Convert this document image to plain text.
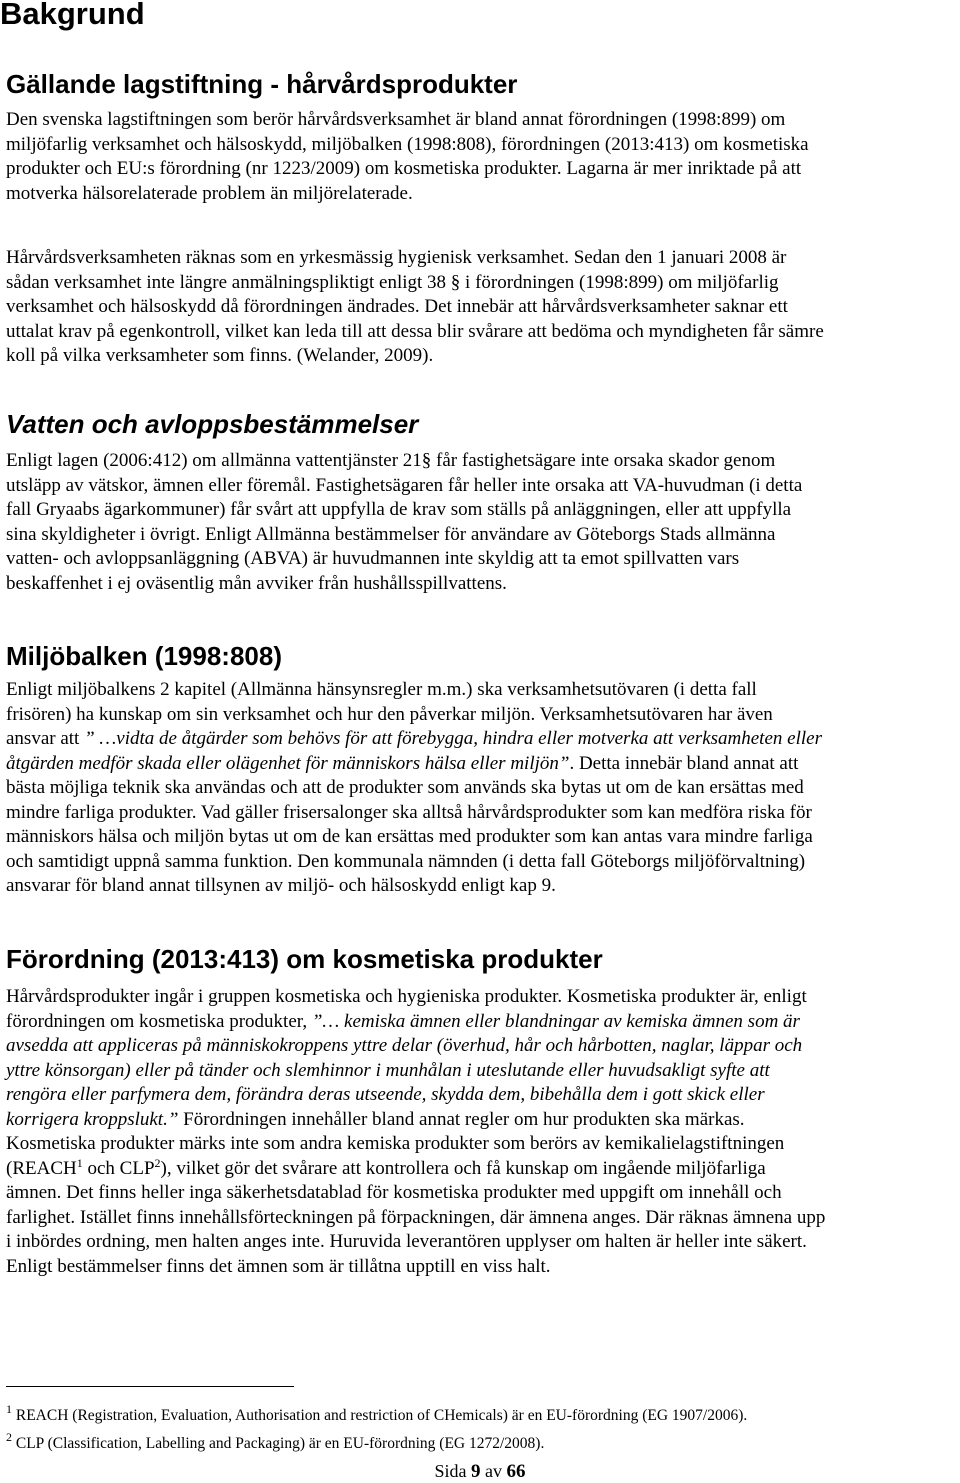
Bakgrund
Gällande lagstiftning - hårvårdsprodukter
Den svenska lagstiftningen som berör hårvårdsverksamhet är bland annat förordningen (1998:899) om
miljöfarlig verksamhet och hälsoskydd, miljöbalken (1998:808), förordningen (2013:413) om kosmetiska
produkter och EU:s förordning (nr 1223/2009) om kosmetiska produkter. Lagarna är mer inriktade på att
motverka hälsorelaterade problem än miljörelaterade.
Hårvårdsverksamheten räknas som en yrkesmässig hygienisk verksamhet. Sedan den 1 januari 2008 är
sådan verksamhet inte längre anmälningspliktigt enligt 38 § i förordningen (1998:899) om miljöfarlig
verksamhet och hälsoskydd då förordningen ändrades. Det innebär att hårvårdsverksamheter saknar ett
uttalat krav på egenkontroll, vilket kan leda till att dessa blir svårare att bedöma och myndigheten får sämre
koll på vilka verksamheter som finns. (Welander, 2009).
Vatten och avloppsbestämmelser
Enligt lagen (2006:412) om allmänna vattentjänster 21§ får fastighetsägare inte orsaka skador genom
utsläpp av vätskor, ämnen eller föremål. Fastighetsägaren får heller inte orsaka att VA-huvudman (i detta
fall Gryaabs ägarkommuner) får svårt att uppfylla de krav som ställs på anläggningen, eller att uppfylla
sina skyldigheter i övrigt. Enligt Allmänna bestämmelser för användare av Göteborgs Stads allmänna
vatten- och avloppsanläggning (ABVA) är huvudmannen inte skyldig att ta emot spillvatten vars
beskaffenhet i ej oväsentlig mån avviker från hushållsspillvattens.
Miljöbalken (1998:808)
Enligt miljöbalkens 2 kapitel (Allmänna hänsynsregler m.m.) ska verksamhetsutövaren (i detta fall
frisören) ha kunskap om sin verksamhet och hur den påverkar miljön. Verksamhetsutövaren har även
ansvar att ” …vidta de åtgärder som behövs för att förebygga, hindra eller motverka att verksamheten eller
åtgärden medför skada eller olägenhet för människors hälsa eller miljön”. Detta innebär bland annat att
bästa möjliga teknik ska användas och att de produkter som används ska bytas ut om de kan ersättas med
mindre farliga produkter. Vad gäller frisersalonger ska alltså hårvårdsprodukter som kan medföra riska för
människors hälsa och miljön bytas ut om de kan ersättas med produkter som kan antas vara mindre farliga
och samtidigt uppnå samma funktion. Den kommunala nämnden (i detta fall Göteborgs miljöförvaltning)
ansvarar för bland annat tillsynen av miljö- och hälsoskydd enligt kap 9.
Förordning (2013:413) om kosmetiska produkter
Hårvårdsprodukter ingår i gruppen kosmetiska och hygieniska produkter. Kosmetiska produkter är, enligt
förordningen om kosmetiska produkter, ”… kemiska ämnen eller blandningar av kemiska ämnen som är
avsedda att appliceras på människokroppens yttre delar (överhud, hår och hårbotten, naglar, läppar och
yttre könsorgan) eller på tänder och slemhinnor i munhålan i uteslutande eller huvudsakligt syfte att
rengöra eller parfymera dem, förändra deras utseende, skydda dem, bibehålla dem i gott skick eller
korrigera kroppslukt.” Förordningen innehåller bland annat regler om hur produkten ska märkas.
Kosmetiska produkter märks inte som andra kemiska produkter som berörs av kemikalielagstiftningen
(REACH$^1$ och CLP$^2$), vilket gör det svårare att kontrollera och få kunskap om ingående miljöfarliga
ämnen. Det finns heller inga säkerhetsdatablad för kosmetiska produkter med uppgift om innehåll och
farlighet. Istället finns innehållsförteckningen på förpackningen, där ämnena anges. Där räknas ämnena upp
i inbördes ordning, men halten anges inte. Huruvida leverantören upplyser om halten är heller inte säkert.
Enligt bestämmelser finns det ämnen som är tillåtna upptill en viss halt.
$^1$ REACH (Registration, Evaluation, Authorisation and restriction of CHemicals) är en EU-förordning (EG 1907/2006).
$^2$ CLP (Classification, Labelling and Packaging) är en EU-förordning (EG 1272/2008).
Sida 9 av 66
